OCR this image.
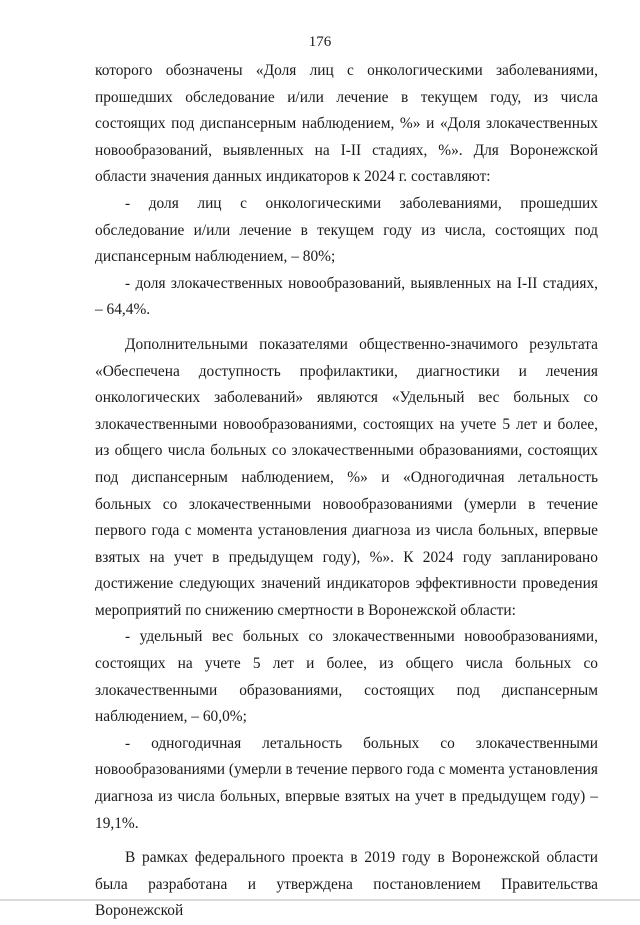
176

которого обозначены «Доля лиц с онкологическими заболеваниями, прошедших обследование и/или лечение в текущем году, из числа состоящих под диспансерным наблюдением, %» и «Доля злокачественных новообразований, выявленных на I-II стадиях, %». Для Воронежской области значения данных индикаторов к 2024 г. составляют:

- доля лиц с онкологическими заболеваниями, прошедших обследование и/или лечение в текущем году из числа, состоящих под диспансерным наблюдением, – 80%;

- доля злокачественных новообразований, выявленных на I-II стадиях, – 64,4%.

Дополнительными показателями общественно-значимого результата «Обеспечена доступность профилактики, диагностики и лечения онкологических заболеваний» являются «Удельный вес больных со злокачественными новообразованиями, состоящих на учете 5 лет и более, из общего числа больных со злокачественными образованиями, состоящих под диспансерным наблюдением, %» и «Одногодичная летальность больных со злокачественными новообразованиями (умерли в течение первого года с момента установления диагноза из числа больных, впервые взятых на учет в предыдущем году), %». К 2024 году запланировано достижение следующих значений индикаторов эффективности проведения мероприятий по снижению смертности в Воронежской области:

- удельный вес больных со злокачественными новообразованиями, состоящих на учете 5 лет и более, из общего числа больных со злокачественными образованиями, состоящих под диспансерным наблюдением, – 60,0%;

- одногодичная летальность больных со злокачественными новообразованиями (умерли в течение первого года с момента установления диагноза из числа больных, впервые взятых на учет в предыдущем году) – 19,1%.

В рамках федерального проекта в 2019 году в Воронежской области была разработана и утверждена постановлением Правительства Воронежской
